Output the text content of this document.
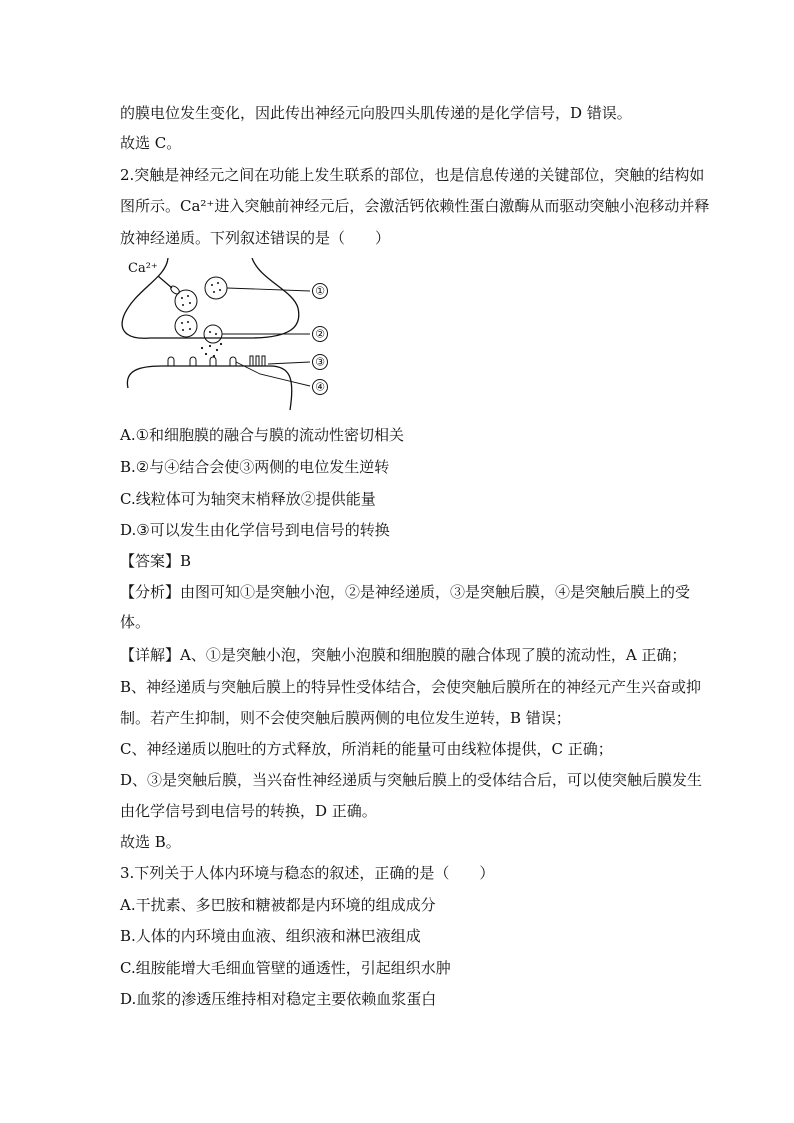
的膜电位发生变化，因此传出神经元向股四头肌传递的是化学信号，D 错误。
故选 C。
2.突触是神经元之间在功能上发生联系的部位，也是信息传递的关键部位，突触的结构如
图所示。Ca²⁺进入突触前神经元后，会激活钙依赖性蛋白激酶从而驱动突触小泡移动并释
放神经递质。下列叙述错误的是（　　）
Ca²⁺
①
②
③
④
A.①和细胞膜的融合与膜的流动性密切相关
B.②与④结合会使③两侧的电位发生逆转
C.线粒体可为轴突末梢释放②提供能量
D.③可以发生由化学信号到电信号的转换
【答案】B
【分析】由图可知①是突触小泡，②是神经递质，③是突触后膜，④是突触后膜上的受
体。
【详解】A、①是突触小泡，突触小泡膜和细胞膜的融合体现了膜的流动性，A 正确；
B、神经递质与突触后膜上的特异性受体结合，会使突触后膜所在的神经元产生兴奋或抑
制。若产生抑制，则不会使突触后膜两侧的电位发生逆转，B 错误；
C、神经递质以胞吐的方式释放，所消耗的能量可由线粒体提供，C 正确；
D、③是突触后膜，当兴奋性神经递质与突触后膜上的受体结合后，可以使突触后膜发生
由化学信号到电信号的转换，D 正确。
故选 B。
3.下列关于人体内环境与稳态的叙述，正确的是（　　）
A.干扰素、多巴胺和糖被都是内环境的组成成分
B.人体的内环境由血液、组织液和淋巴液组成
C.组胺能增大毛细血管壁的通透性，引起组织水肿
D.血浆的渗透压维持相对稳定主要依赖血浆蛋白
